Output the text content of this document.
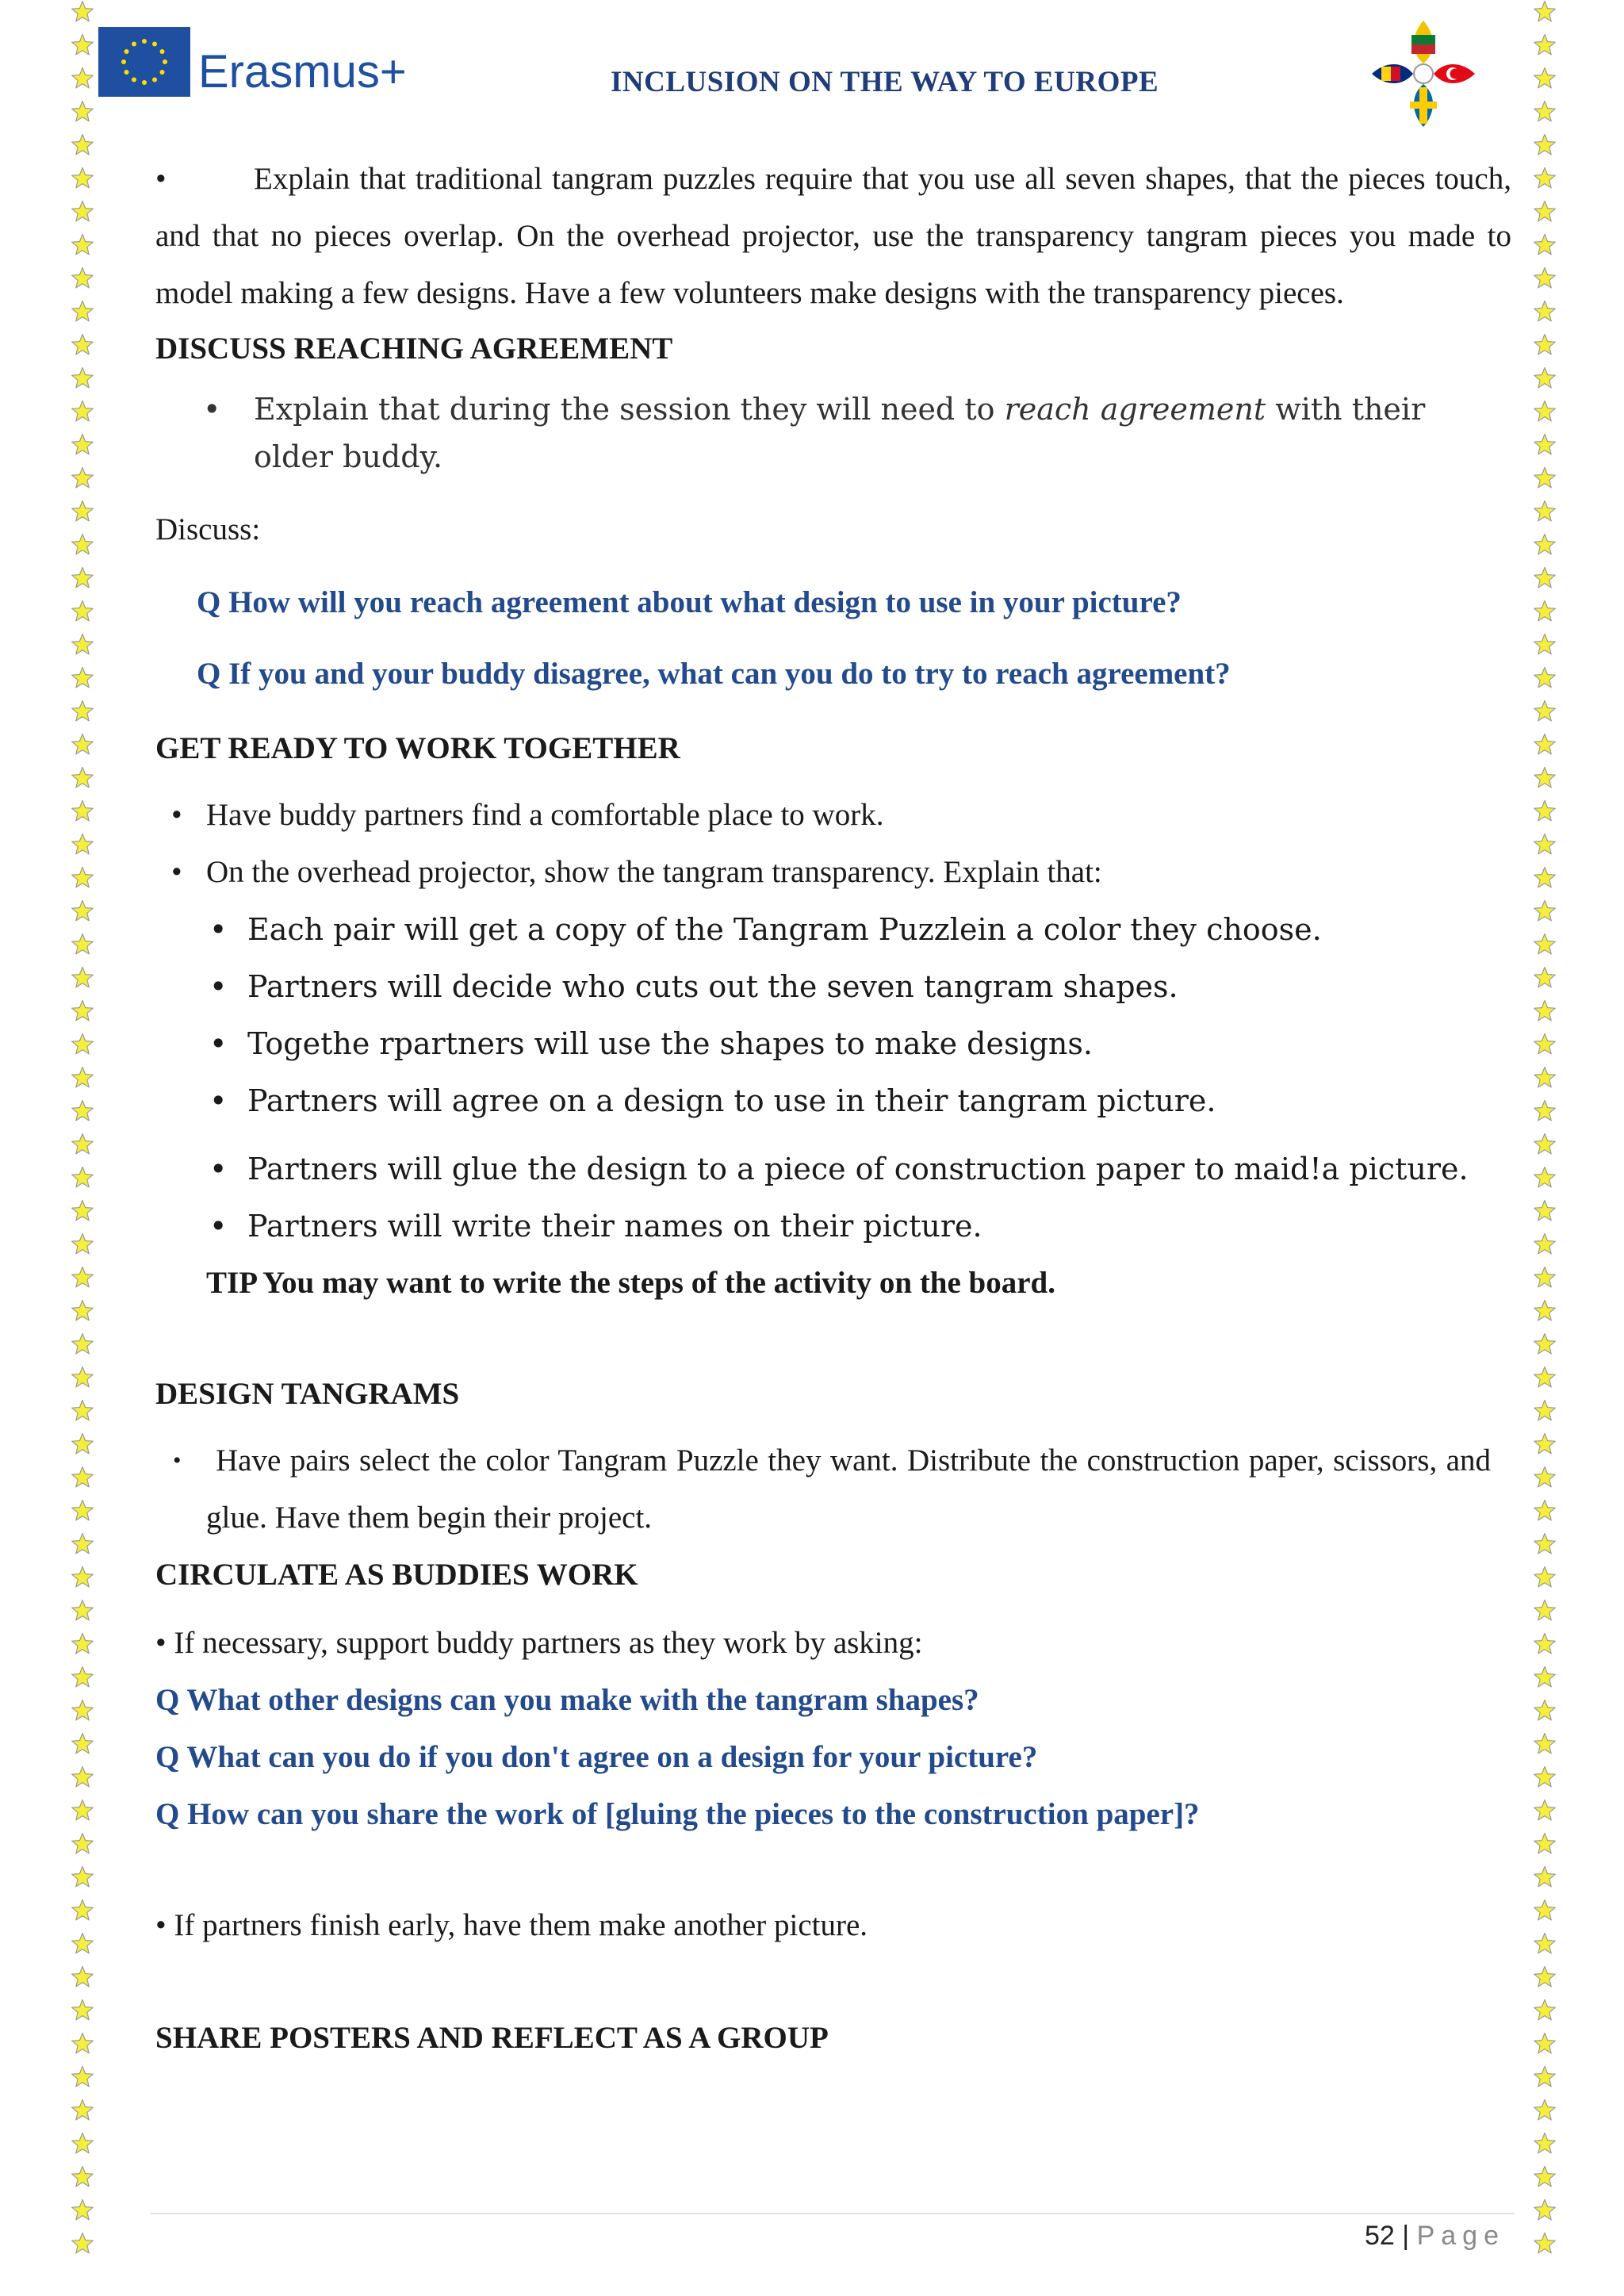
Erasmus+	INCLUSION ON THE WAY TO EUROPE

•	Explain that traditional tangram puzzles require that you use all seven shapes, that the pieces touch, and that no pieces overlap. On the overhead projector, use the transparency tangram pieces you made to model making a few designs. Have a few volunteers make designs with the transparency pieces.

DISCUSS REACHING AGREEMENT

• Explain that during the session they will need to reach agreement with their older buddy.

Discuss:

Q How will you reach agreement about what design to use in your picture?

Q If you and your buddy disagree, what can you do to try to reach agreement?

GET READY TO WORK TOGETHER

• Have buddy partners find a comfortable place to work.

• On the overhead projector, show the tangram transparency. Explain that:

• Each pair will get a copy of the Tangram Puzzlein a color they choose.

• Partners will decide who cuts out the seven tangram shapes.

• Togethe rpartners will use the shapes to make designs.

• Partners will agree on a design to use in their tangram picture.

• Partners will glue the design to a piece of construction paper to maid!a picture.

• Partners will write their names on their picture.

TIP You may want to write the steps of the activity on the board.

DESIGN TANGRAMS

• Have pairs select the color Tangram Puzzle they want. Distribute the construction paper, scissors, and glue. Have them begin their project.

CIRCULATE AS BUDDIES WORK

• If necessary, support buddy partners as they work by asking:

Q What other designs can you make with the tangram shapes?

Q What can you do if you don't agree on a design for your picture?

Q How can you share the work of [gluing the pieces to the construction paper]?

• If partners finish early, have them make another picture.

SHARE POSTERS AND REFLECT AS A GROUP

52 | Page
